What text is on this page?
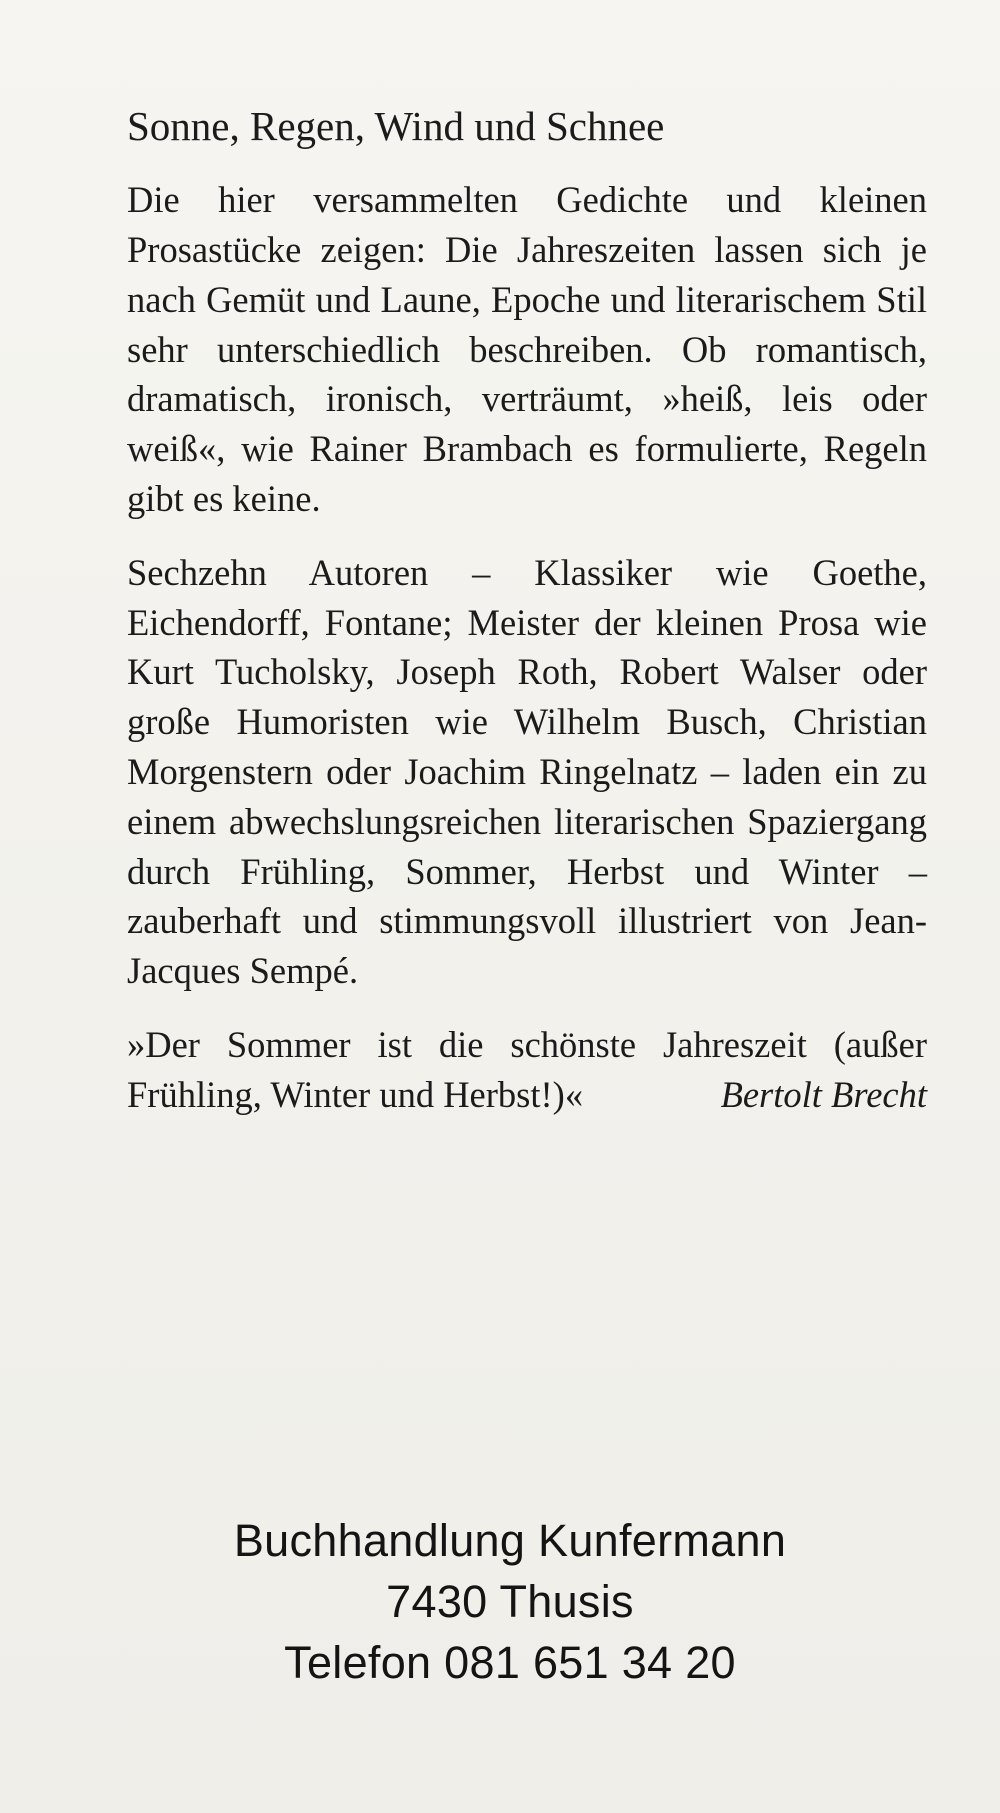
Sonne, Regen, Wind und Schnee

Die hier versammelten Gedichte und kleinen Prosastücke zeigen: Die Jahreszeiten lassen sich je nach Gemüt und Laune, Epoche und literarischem Stil sehr unterschiedlich beschreiben. Ob romantisch, dramatisch, ironisch, verträumt, »heiß, leis oder weiß«, wie Rainer Brambach es formulierte, Regeln gibt es keine.

Sechzehn Autoren – Klassiker wie Goethe, Eichendorff, Fontane; Meister der kleinen Prosa wie Kurt Tucholsky, Joseph Roth, Robert Walser oder große Humoristen wie Wilhelm Busch, Christian Morgenstern oder Joachim Ringelnatz – laden ein zu einem abwechslungsreichen literarischen Spaziergang durch Frühling, Sommer, Herbst und Winter – zauberhaft und stimmungsvoll illustriert von Jean-Jacques Sempé.

»Der Sommer ist die schönste Jahreszeit (außer Frühling, Winter und Herbst!)«	Bertolt Brecht

Buchhandlung Kunfermann
7430 Thusis
Telefon 081 651 34 20
